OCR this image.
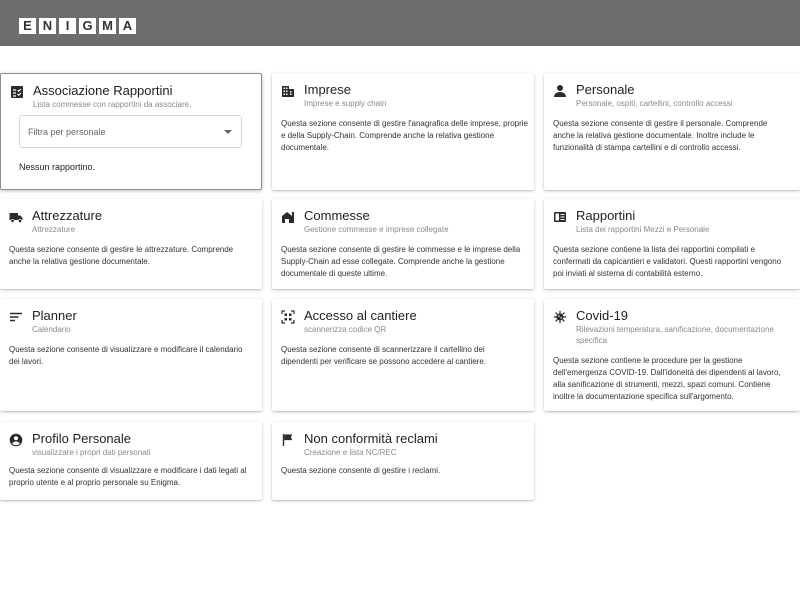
E N	I	G M A
Associazione Rapportini
Lista commesse con rapportini da associare.
Filtra per personale
Nessun rapportino.
Imprese
Imprese e supply chain
Questa sezione consente di gestire l'anagrafica delle imprese, proprie e della Supply-Chain. Comprende anche la relativa gestione documentale.
Personale
Personale, ospiti, cartellini, controllo accessi
Questa sezione consente di gestire il personale. Comprende anche la relativa gestione documentale. Inoltre include le funzionalità di stampa cartellini e di controllo accessi.
Attrezzature
Attrezzature
Questa sezione consente di gestire le attrezzature. Comprende anche la relativa gestione documentale.
Commesse
Gestione commesse e imprese collegate
Questa sezione consente di gestire le commesse e le imprese della Supply-Chain ad esse collegate. Comprende anche la gestione documentale di queste ultime.
Rapportini
Lista dei rapportini Mezzi e Personale
Questa sezione contiene la lista dei rapportini compilati e confermati da capicantieri e validatori. Questi rapportini vengono poi inviati al sistema di contabilità esterno.
Planner
Calendario
Questa sezione consente di visualizzare e modificare il calendario dei lavori.
Accesso al cantiere
scannerizza codice QR
Questa sezione consente di scannerizzare il cartellino dei dipendenti per verificare se possono accedere al cantiere.
Covid-19
Rilevazioni temperatura, sanificazione, documentazione specifica
Questa sezione contiene le procedure per la gestione dell'emergenza COVID-19. Dall'idoneità dei dipendenti al lavoro, alla sanificazione di strumenti, mezzi, spazi comuni. Contiene inoltre la documentazione specifica sull'argomento.
Profilo Personale
visualizzare i propri dati personali
Questa sezione consente di visualizzare e modificare i dati legati al proprio utente e al proprio personale su Enigma.
Non conformità reclami
Creazione e lista NC/REC
Questa sezione consente di gestire i reclami.
